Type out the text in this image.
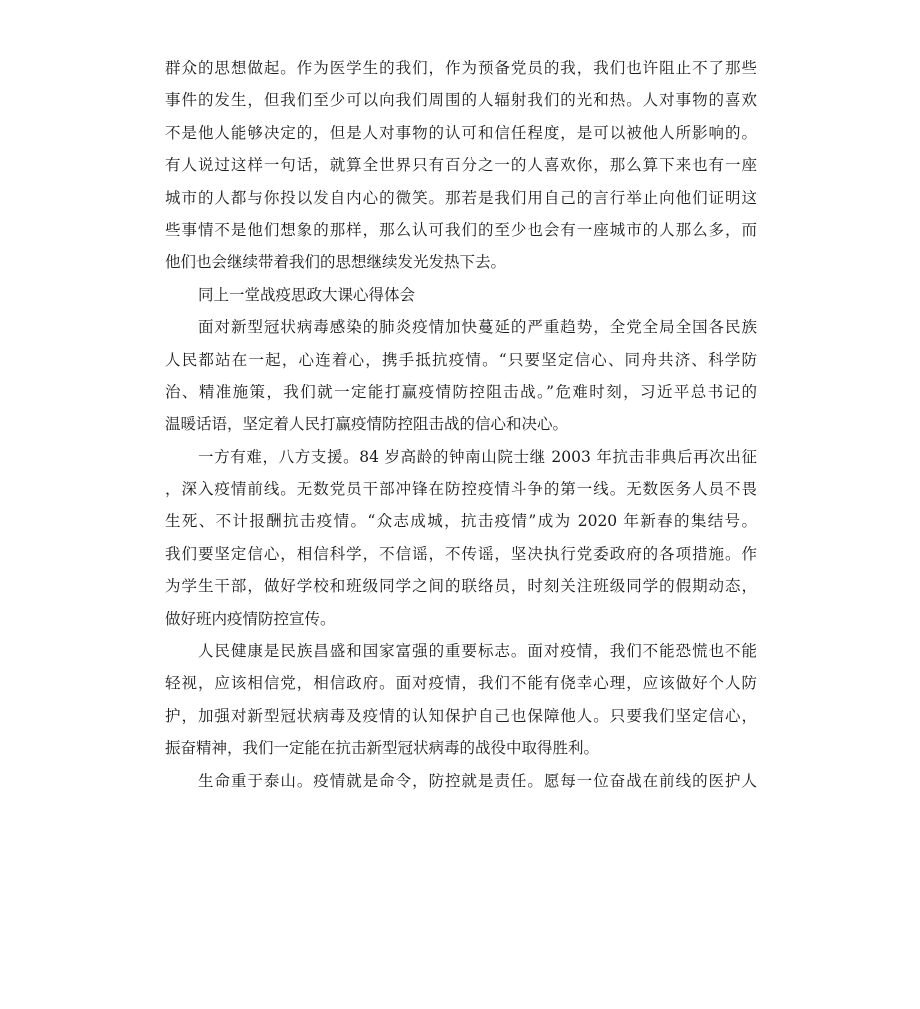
群众的思想做起。作为医学生的我们，作为预备党员的我，我们也许阻止不了那些
事件的发生，但我们至少可以向我们周围的人辐射我们的光和热。人对事物的喜欢
不是他人能够决定的，但是人对事物的认可和信任程度，是可以被他人所影响的。
有人说过这样一句话，就算全世界只有百分之一的人喜欢你，那么算下来也有一座
城市的人都与你投以发自内心的微笑。那若是我们用自己的言行举止向他们证明这
些事情不是他们想象的那样，那么认可我们的至少也会有一座城市的人那么多，而
他们也会继续带着我们的思想继续发光发热下去。
同上一堂战疫思政大课心得体会
面对新型冠状病毒感染的肺炎疫情加快蔓延的严重趋势，全党全局全国各民族
人民都站在一起，心连着心，携手抵抗疫情。“只要坚定信心、同舟共济、科学防
治、精准施策，我们就一定能打赢疫情防控阻击战。”危难时刻，习近平总书记的
温暖话语，坚定着人民打赢疫情防控阻击战的信心和决心。
一方有难，八方支援。84 岁高龄的钟南山院士继 2003 年抗击非典后再次出征
，深入疫情前线。无数党员干部冲锋在防控疫情斗争的第一线。无数医务人员不畏
生死、不计报酬抗击疫情。“众志成城，抗击疫情”成为 2020 年新春的集结号。
我们要坚定信心，相信科学，不信谣，不传谣，坚决执行党委政府的各项措施。作
为学生干部，做好学校和班级同学之间的联络员，时刻关注班级同学的假期动态，
做好班内疫情防控宣传。
人民健康是民族昌盛和国家富强的重要标志。面对疫情，我们不能恐慌也不能
轻视，应该相信党，相信政府。面对疫情，我们不能有侥幸心理，应该做好个人防
护，加强对新型冠状病毒及疫情的认知保护自己也保障他人。只要我们坚定信心，
振奋精神，我们一定能在抗击新型冠状病毒的战役中取得胜利。
生命重于泰山。疫情就是命令，防控就是责任。愿每一位奋战在前线的医护人
